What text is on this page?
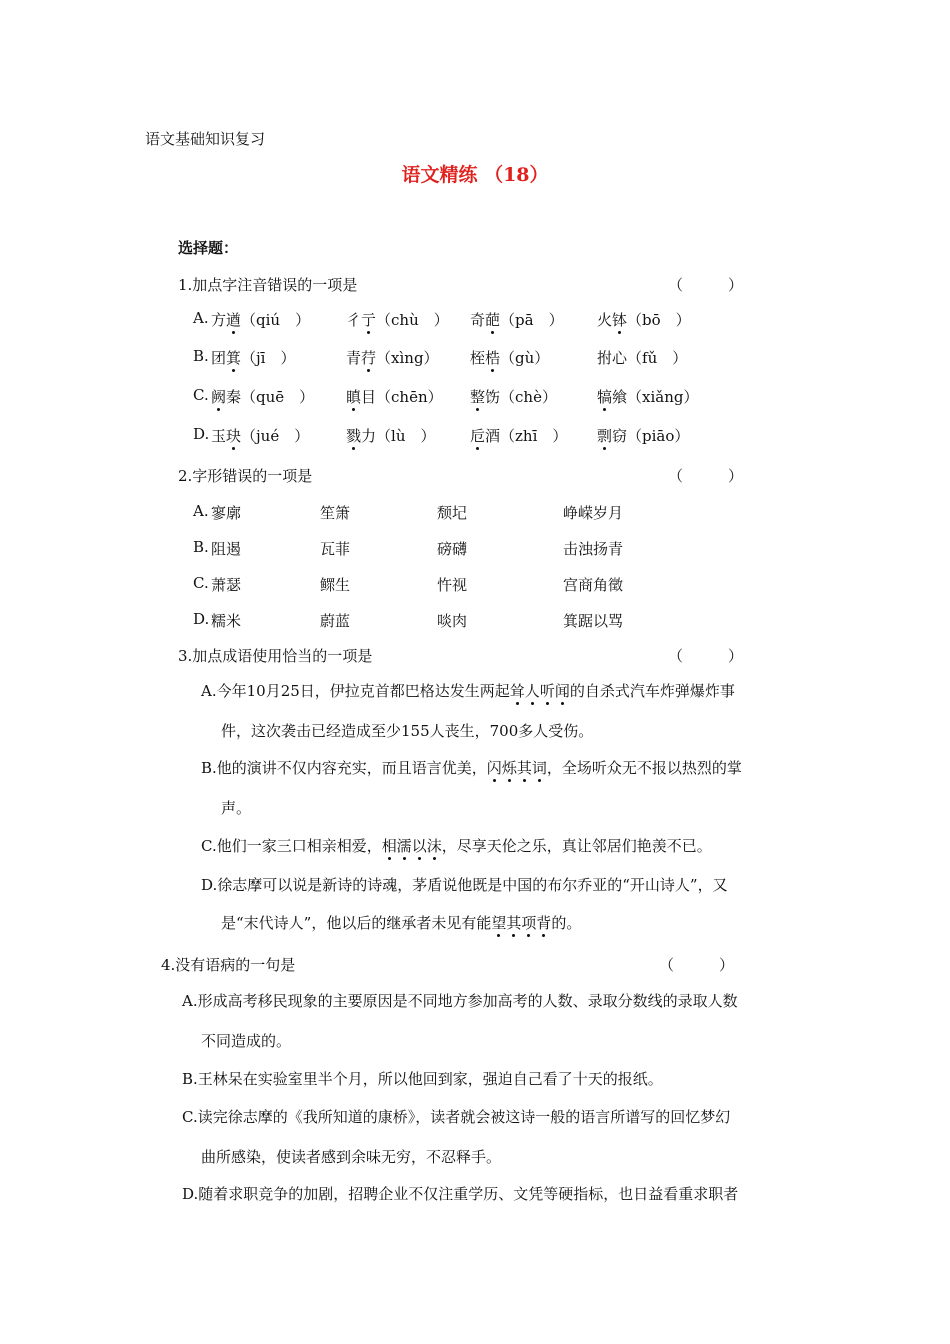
语文基础知识复习
语文精练 （18）
选择题：
1.加点字注音错误的一项是	（　　　）
A. 方遒（qiú　） 彳亍（chù　） 奇葩（pā　） 火钵（bō　）
B. 团箕（jī　）	青荇（xìng） 桎梏（gù）	拊心（fǔ　）
C. 阙秦（quē　） 瞋目（chēn） 整饬（chè）	犒飨（xiǎng）
D. 玉玦（jué　） 戮力（lù　） 卮酒（zhī　） 剽窃（piāo）
2.字形错误的一项是	（　　　）
A. 寥廓	笙箫	颓圮	峥嵘岁月
B. 阻遏	瓦菲	磅礴	击浊扬青
C. 萧瑟	鳏生	忤视	宫商角徵
D. 糯米	蔚蓝	啖肉	箕踞以骂
3.加点成语使用恰当的一项是	（　　　）
A.今年10月25日，伊拉克首都巴格达发生两起耸人听闻的自杀式汽车炸弹爆炸事
件，这次袭击已经造成至少155人丧生，700多人受伤。
B.他的演讲不仅内容充实，而且语言优美，闪烁其词，全场听众无不报以热烈的掌
声。
C.他们一家三口相亲相爱，相濡以沫，尽享天伦之乐，真让邻居们艳羡不已。
D.徐志摩可以说是新诗的诗魂，茅盾说他既是中国的布尔乔亚的“开山诗人”，又
是“末代诗人”，他以后的继承者未见有能望其项背的。
4.没有语病的一句是	（　　　）
A.形成高考移民现象的主要原因是不同地方参加高考的人数、录取分数线的录取人数
不同造成的。
B.王林呆在实验室里半个月，所以他回到家，强迫自己看了十天的报纸。
C.读完徐志摩的《我所知道的康桥》，读者就会被这诗一般的语言所谱写的回忆梦幻
曲所感染，使读者感到余味无穷，不忍释手。
D.随着求职竞争的加剧，招聘企业不仅注重学历、文凭等硬指标，也日益看重求职者
